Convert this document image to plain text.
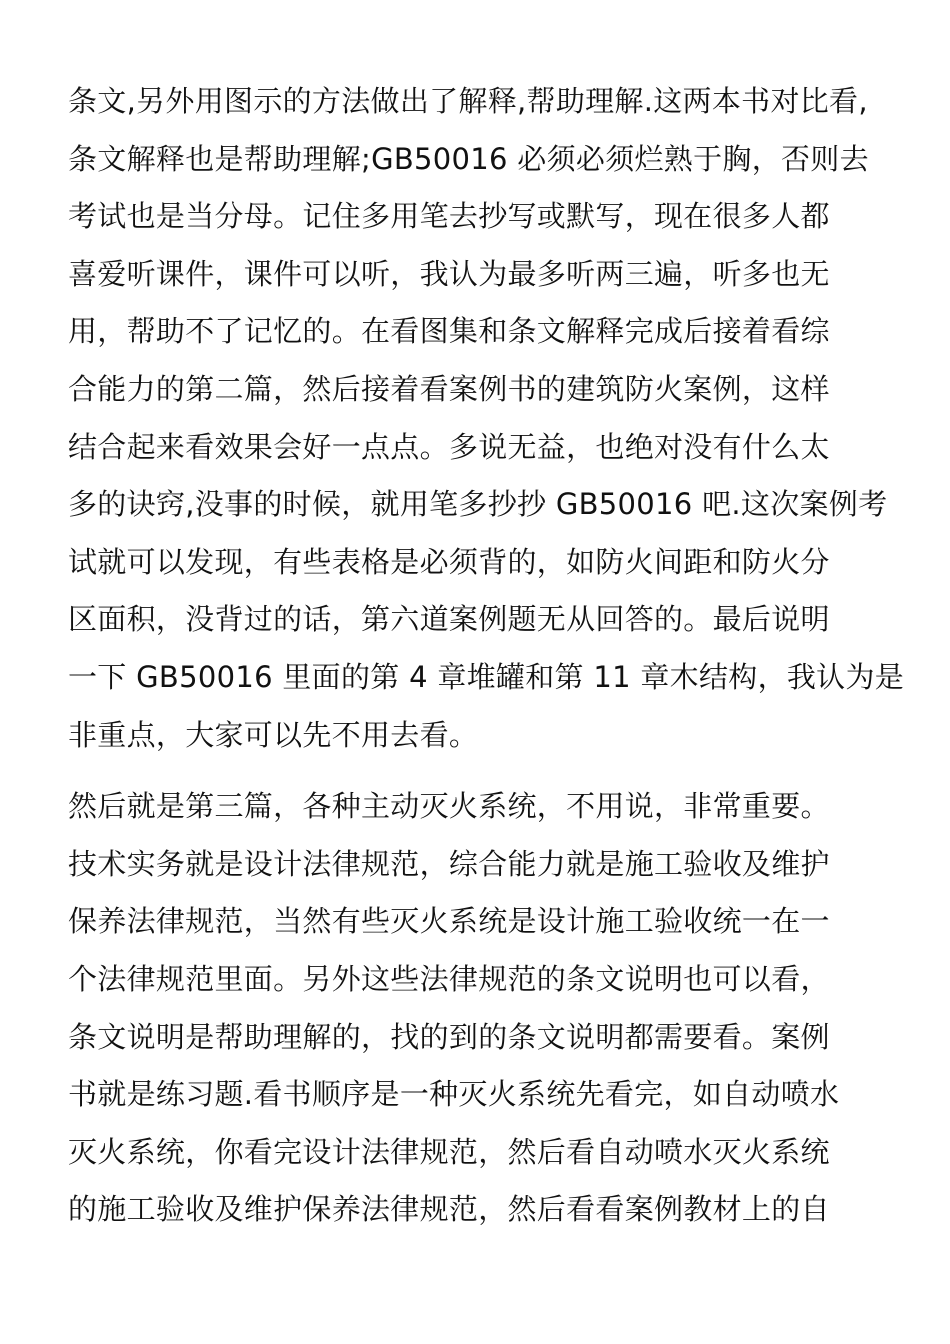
条文,另外用图示的方法做出了解释,帮助理解.这两本书对比看,
条文解释也是帮助理解;GB50016 必须必须烂熟于胸，否则去
考试也是当分母。记住多用笔去抄写或默写，现在很多人都
喜爱听课件，课件可以听，我认为最多听两三遍，听多也无
用，帮助不了记忆的。在看图集和条文解释完成后接着看综
合能力的第二篇，然后接着看案例书的建筑防火案例，这样
结合起来看效果会好一点点。多说无益，也绝对没有什么太
多的诀窍,没事的时候，就用笔多抄抄 GB50016 吧.这次案例考
试就可以发现，有些表格是必须背的，如防火间距和防火分
区面积，没背过的话，第六道案例题无从回答的。最后说明
一下 GB50016 里面的第 4 章堆罐和第 11 章木结构，我认为是
非重点，大家可以先不用去看。
然后就是第三篇，各种主动灭火系统，不用说，非常重要。
技术实务就是设计法律规范，综合能力就是施工验收及维护
保养法律规范，当然有些灭火系统是设计施工验收统一在一
个法律规范里面。另外这些法律规范的条文说明也可以看，
条文说明是帮助理解的，找的到的条文说明都需要看。案例
书就是练习题.看书顺序是一种灭火系统先看完，如自动喷水
灭火系统，你看完设计法律规范，然后看自动喷水灭火系统
的施工验收及维护保养法律规范，然后看看案例教材上的自
